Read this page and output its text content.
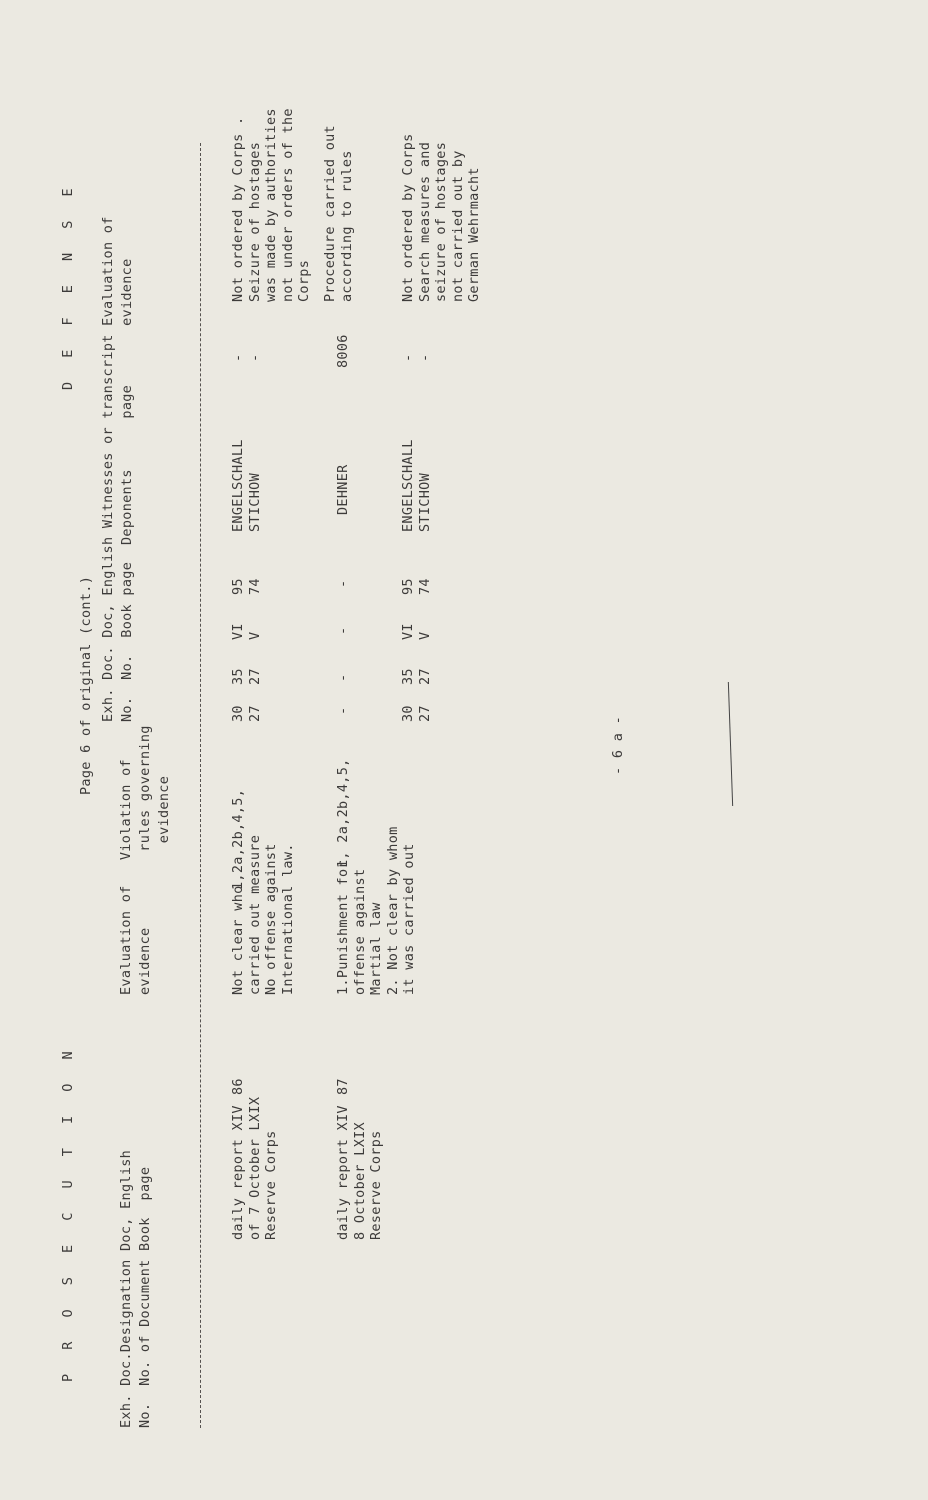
P R O S E C U T I O N
Page 6 of original (cont.)
D E F E N S E
Exh. Doc.Designation Doc, English No.  No. of Document Book  page
Evaluation of   Violation of evidence         rules governing evidence
Exh. Doc. Doc, English Witnesses or transcript Evaluation of No.  No.  Book page  Deponents      page       evidence
daily report XIV
of 7 October LXIX
Reserve Corps
86
Not clear who
carried out measure
No offense against
International law.
1,2a,2b,4,5,
30
27
35
27
VI
V
95
74
ENGELSCHALL
STICHOW
-
-
Not ordered by Corps .
Seizure of hostages
was made by authorities
not under orders of the
Corps
daily report XIV
8 October LXIX
Reserve Corps
87
1.Punishment for
offense against
Martial law
2. Not clear by whom
it was carried out
1, 2a,2b,4,5,
-
-
-
-
DEHNER
8006
Procedure carried out
according to rules
30
27
35
27
VI
V
95
74
ENGELSCHALL
STICHOW
-
-
Not ordered by Corps
Search measures and
seizure of hostages
not carried out by
German Wehrmacht
- 6 a -
